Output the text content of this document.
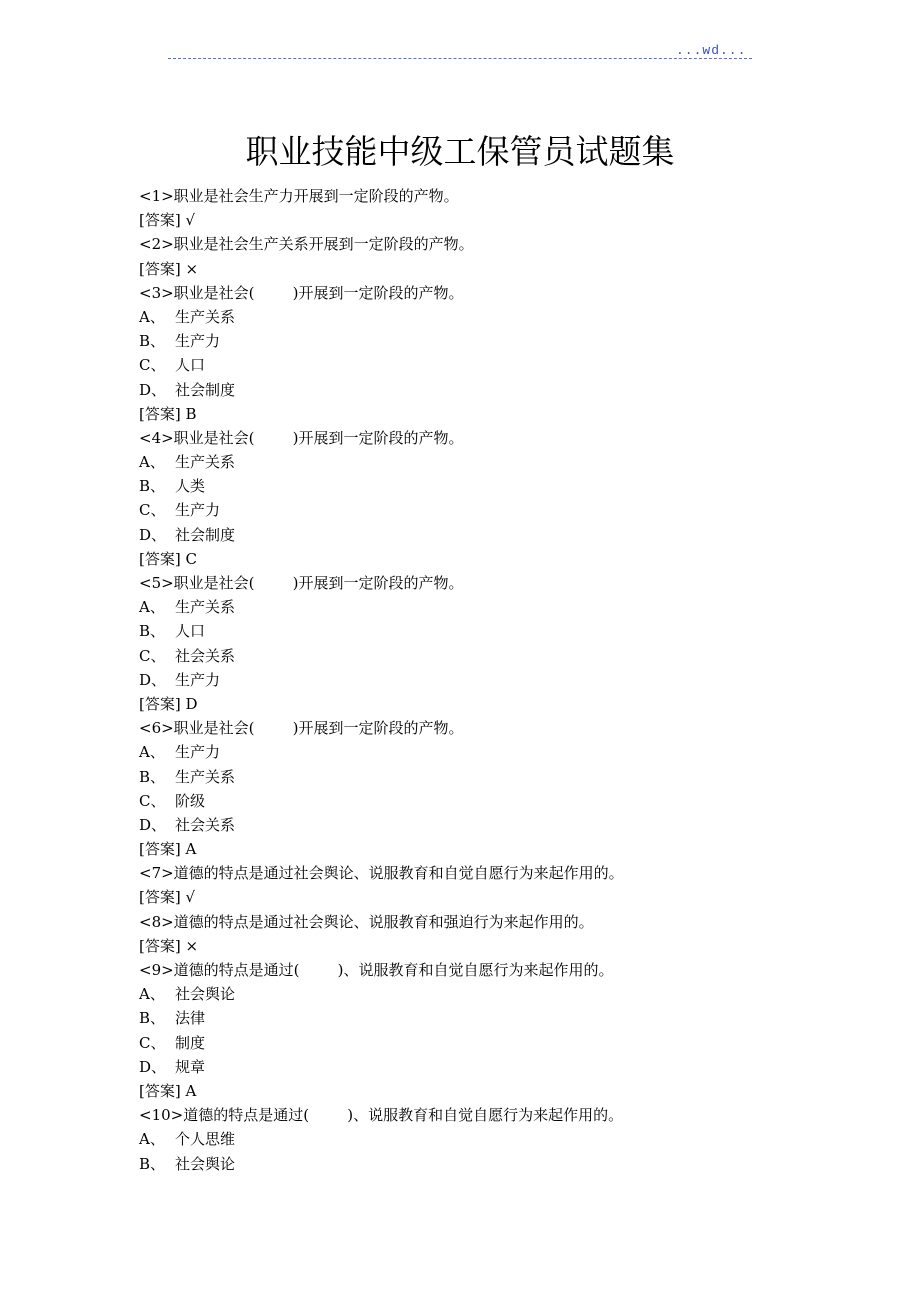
...wd...
职业技能中级工保管员试题集
<1>职业是社会生产力开展到一定阶段的产物。
[答案] √
<2>职业是社会生产关系开展到一定阶段的产物。
[答案] ×
<3>职业是社会(        )开展到一定阶段的产物。
A、 生产关系
B、 生产力
C、 人口
D、 社会制度
[答案] B
<4>职业是社会(        )开展到一定阶段的产物。
A、 生产关系
B、 人类
C、 生产力
D、 社会制度
[答案] C
<5>职业是社会(        )开展到一定阶段的产物。
A、 生产关系
B、 人口
C、 社会关系
D、 生产力
[答案] D
<6>职业是社会(        )开展到一定阶段的产物。
A、 生产力
B、 生产关系
C、 阶级
D、 社会关系
[答案] A
<7>道德的特点是通过社会舆论、说服教育和自觉自愿行为来起作用的。
[答案] √
<8>道德的特点是通过社会舆论、说服教育和强迫行为来起作用的。
[答案] ×
<9>道德的特点是通过(        )、说服教育和自觉自愿行为来起作用的。
A、 社会舆论
B、 法律
C、 制度
D、 规章
[答案] A
<10>道德的特点是通过(        )、说服教育和自觉自愿行为来起作用的。
A、 个人思维
B、 社会舆论
